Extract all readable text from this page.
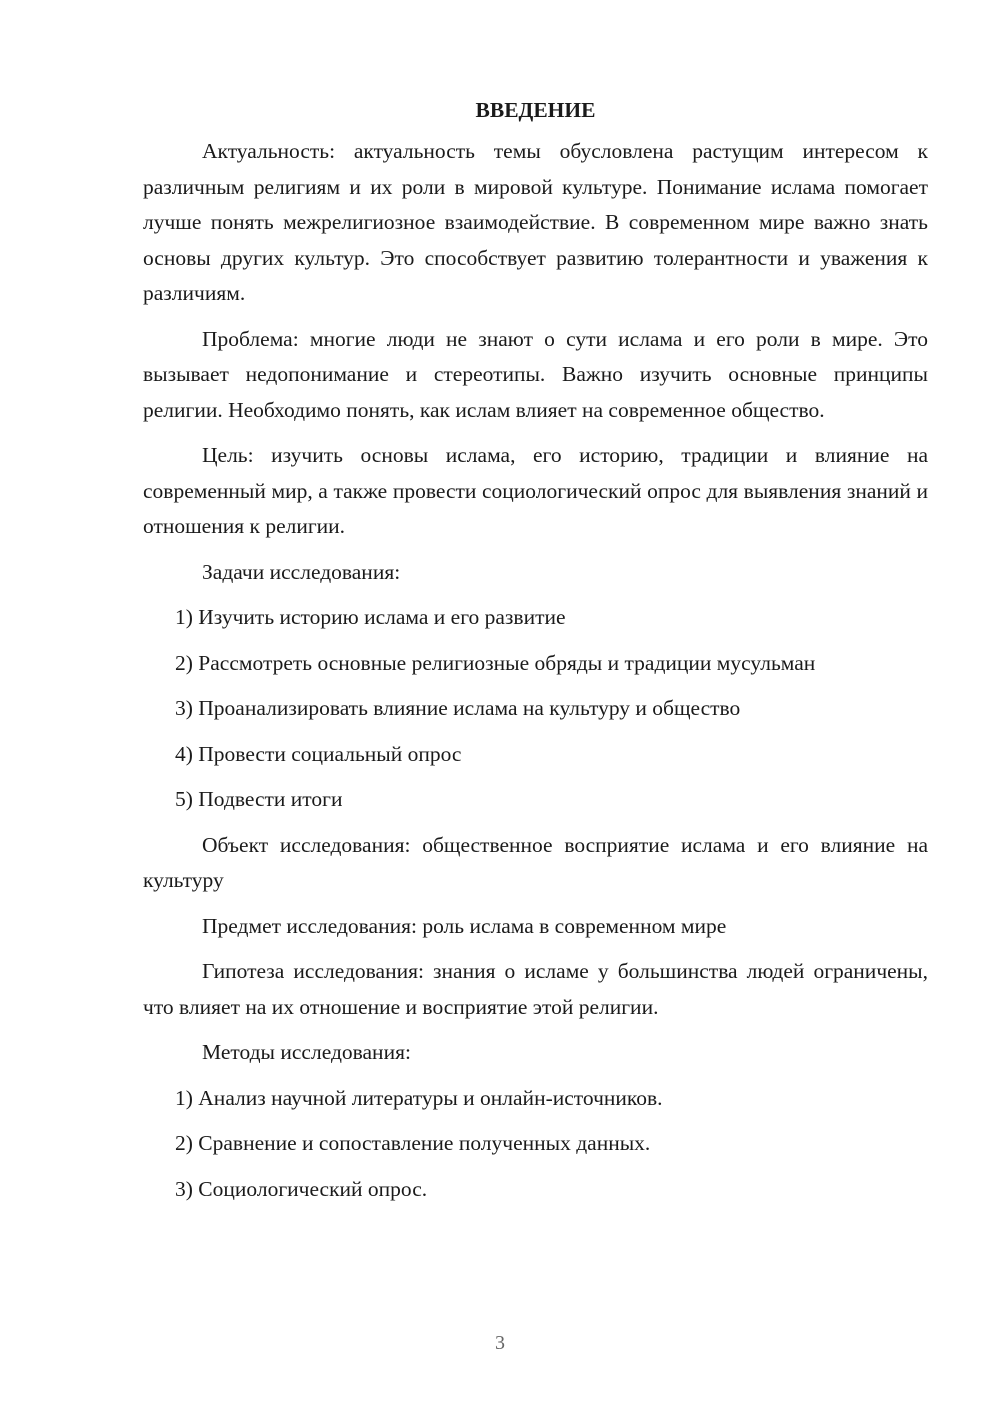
ВВЕДЕНИЕ

Актуальность: актуальность темы обусловлена растущим интересом к различным религиям и их роли в мировой культуре. Понимание ислама помогает лучше понять межрелигиозное взаимодействие. В современном мире важно знать основы других культур. Это способствует развитию толерантности и уважения к различиям.

Проблема: многие люди не знают о сути ислама и его роли в мире. Это вызывает недопонимание и стереотипы. Важно изучить основные принципы религии. Необходимо понять, как ислам влияет на современное общество.

Цель: изучить основы ислама, его историю, традиции и влияние на современный мир, а также провести социологический опрос для выявления знаний и отношения к религии.

Задачи исследования:

1) Изучить историю ислама и его развитие
2) Рассмотреть основные религиозные обряды и традиции мусульман
3) Проанализировать влияние ислама на культуру и общество
4) Провести социальный опрос
5) Подвести итоги

Объект исследования: общественное восприятие ислама и его влияние на культуру

Предмет исследования: роль ислама в современном мире

Гипотеза исследования: знания о исламе у большинства людей ограничены, что влияет на их отношение и восприятие этой религии.

Методы исследования:

1) Анализ научной литературы и онлайн-источников.
2) Сравнение и сопоставление полученных данных.
3) Социологический опрос.
3
